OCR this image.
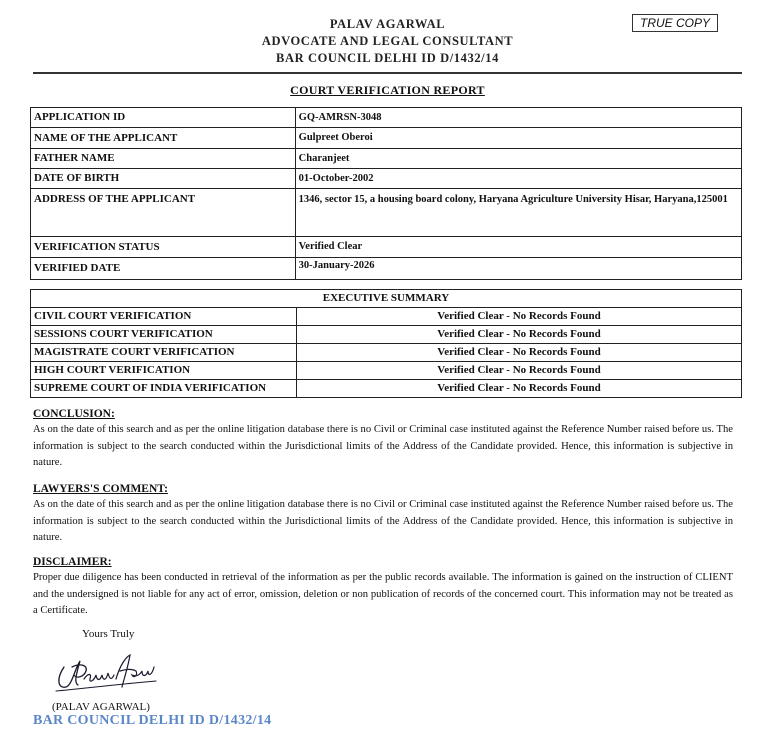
PALAV AGARWAL
ADVOCATE AND LEGAL CONSULTANT
BAR COUNCIL DELHI ID D/1432/14
TRUE COPY
COURT VERIFICATION REPORT
APPLICATION ID	GQ-AMRSN-3048
NAME OF THE APPLICANT	Gulpreet Oberoi
FATHER NAME	Charanjeet
DATE OF BIRTH	01-October-2002
ADDRESS OF THE APPLICANT	1346, sector 15, a housing board colony, Haryana Agriculture University Hisar, Haryana,125001
VERIFICATION STATUS	Verified Clear
VERIFIED DATE	30-January-2026
EXECUTIVE SUMMARY	
CIVIL COURT VERIFICATION	Verified Clear - No Records Found
SESSIONS COURT VERIFICATION	Verified Clear - No Records Found
MAGISTRATE COURT VERIFICATION	Verified Clear - No Records Found
HIGH COURT VERIFICATION	Verified Clear - No Records Found
SUPREME COURT OF INDIA VERIFICATION	Verified Clear - No Records Found
CONCLUSION:
As on the date of this search and as per the online litigation database there is no Civil or Criminal case instituted against the Reference Number raised before us. The information is subject to the search conducted within the Jurisdictional limits of the Address of the Candidate provided. Hence, this information is subjective in nature.
LAWYERS'S COMMENT:
As on the date of this search and as per the online litigation database there is no Civil or Criminal case instituted against the Reference Number raised before us. The information is subject to the search conducted within the Jurisdictional limits of the Address of the Candidate provided. Hence, this information is subjective in nature.
DISCLAIMER:
Proper due diligence has been conducted in retrieval of the information as per the public records available. The information is gained on the instruction of CLIENT and the undersigned is not liable for any act of error, omission, deletion or non publication of records of the concerned court. This information may not be treated as a Certificate.
Yours Truly
(PALAV AGARWAL)
BAR COUNCIL DELHI ID D/1432/14
